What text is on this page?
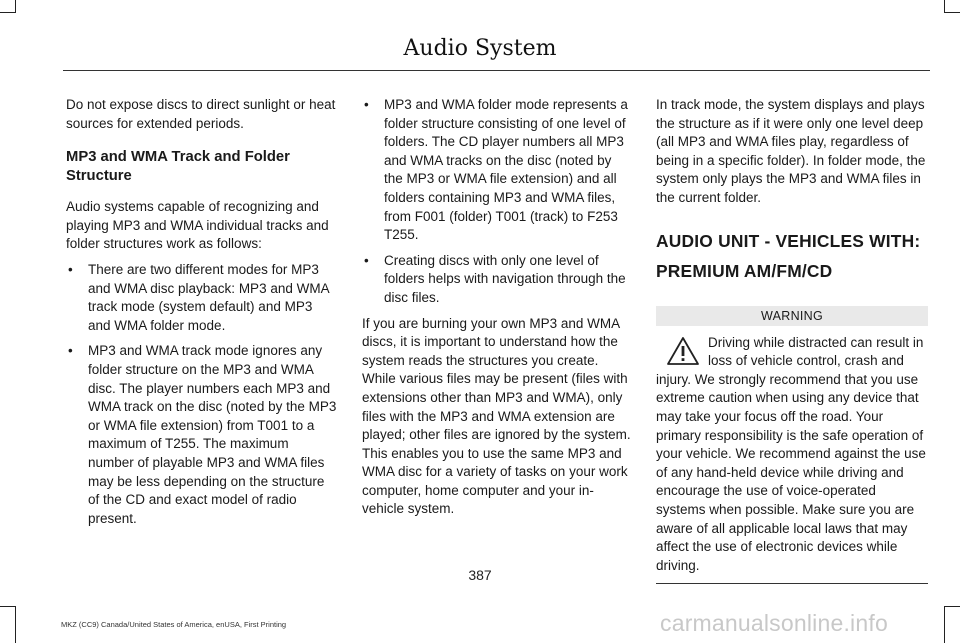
Audio System

Do not expose discs to direct sunlight or heat sources for extended periods.

MP3 and WMA Track and Folder Structure

Audio systems capable of recognizing and playing MP3 and WMA individual tracks and folder structures work as follows:

• There are two different modes for MP3 and WMA disc playback: MP3 and WMA track mode (system default) and MP3 and WMA folder mode.
• MP3 and WMA track mode ignores any folder structure on the MP3 and WMA disc. The player numbers each MP3 and WMA track on the disc (noted by the MP3 or WMA file extension) from T001 to a maximum of T255. The maximum number of playable MP3 and WMA files may be less depending on the structure of the CD and exact model of radio present.
• MP3 and WMA folder mode represents a folder structure consisting of one level of folders. The CD player numbers all MP3 and WMA tracks on the disc (noted by the MP3 or WMA file extension) and all folders containing MP3 and WMA files, from F001 (folder) T001 (track) to F253 T255.
• Creating discs with only one level of folders helps with navigation through the disc files.

If you are burning your own MP3 and WMA discs, it is important to understand how the system reads the structures you create. While various files may be present (files with extensions other than MP3 and WMA), only files with the MP3 and WMA extension are played; other files are ignored by the system. This enables you to use the same MP3 and WMA disc for a variety of tasks on your work computer, home computer and your in-vehicle system.

In track mode, the system displays and plays the structure as if it were only one level deep (all MP3 and WMA files play, regardless of being in a specific folder). In folder mode, the system only plays the MP3 and WMA files in the current folder.

AUDIO UNIT - VEHICLES WITH:

PREMIUM AM/FM/CD

WARNING
Driving while distracted can result in loss of vehicle control, crash and injury. We strongly recommend that you use extreme caution when using any device that may take your focus off the road. Your primary responsibility is the safe operation of your vehicle. We recommend against the use of any hand-held device while driving and encourage the use of voice-operated systems when possible. Make sure you are aware of all applicable local laws that may affect the use of electronic devices while driving.
387
MKZ (CC9) Canada/United States of America, enUSA, First Printing	carmanualsonline.info
